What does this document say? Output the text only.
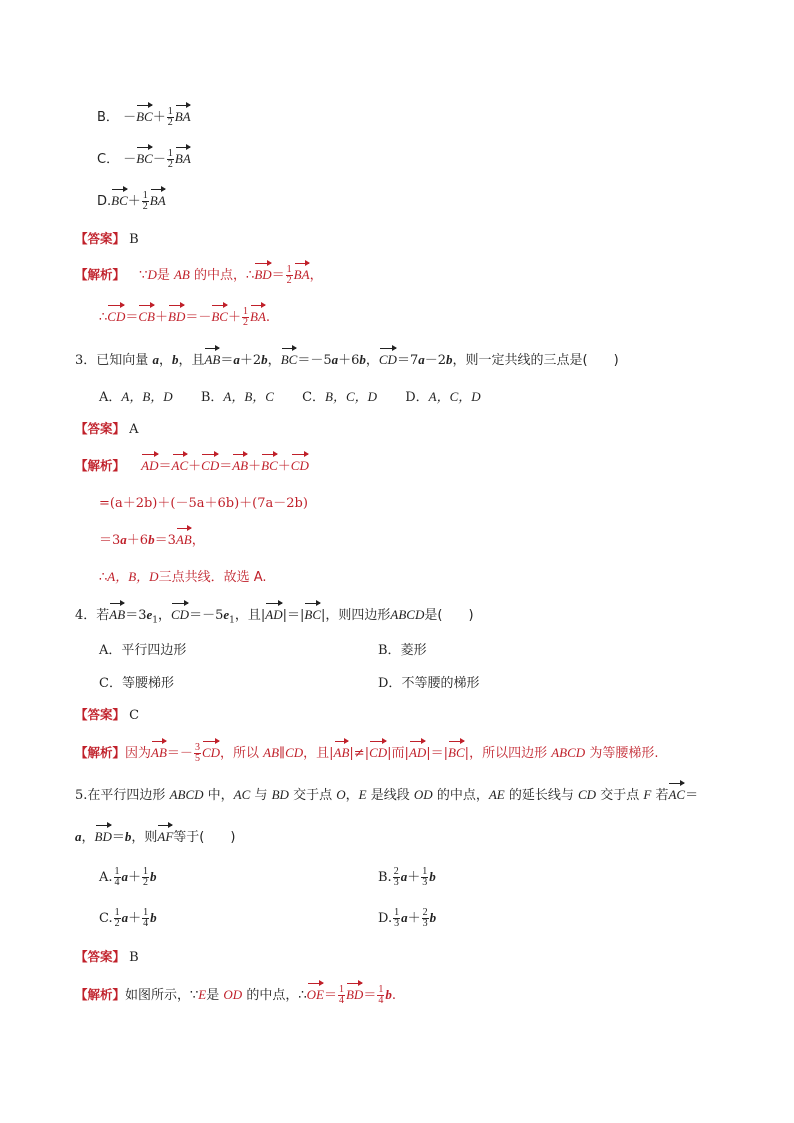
B． $-BC+ \frac{1}{2}$ BA
C． $-BC- \frac{1}{2}$ BA
$D.BC+ \frac{1}{2}$ BA
【答案】 B
【解析】 ∵D是 AB 的中点，∴BD＝ $\frac{1}{2}$ BA，
∴CD＝CB＋BD＝－BC＋ $\frac{1}{2}$ BA.
3．已知向量 a，b，且AB＝a＋2b，BC＝－5a＋6b，CD＝7a－2b，则一定共线的三点是(　　)
A．A，B，D B．A，B，C C．B，C，D D．A，C，D
【答案】 A
【解析】 AD＝AC＋CD＝AB＋BC＋CD
=(a＋2b)＋(－5a＋6b)＋(7a－2b)
＝3a＋6b＝3AB，
∴A，B，D三点共线．故选 A.
4．若$AB=3e_1$，$CD=-5e_1$，且|AD|＝|BC|，则四边形ABCD是(　　)
A．平行四边形	B．菱形
C．等腰梯形	D．不等腰的梯形
【答案】 C
【解析】因为$AB=- \frac{3}{5}$ CD，所以 AB∥CD，且|AB|≠|CD|而|AD|＝|BC|，所以四边形 ABCD 为等腰梯形.
5.在平行四边形 ABCD 中，AC 与 BD 交于点 O，E 是线段 OD 的中点，AE 的延长线与 CD 交于点 F 若AC＝
a，BD＝b，则AF等于(　　)
A. $\frac{1}{4} a+ \frac{1}{2}$ b	B. $\frac{2}{3} a+ \frac{1}{3}$ b
C. $\frac{1}{2} a+ \frac{1}{4}$ b	D. $\frac{1}{3} a+ \frac{2}{3}$ b
【答案】 B
【解析】如图所示，∵E是 OD 的中点，∴OE＝ $\frac{1}{4} BD= \frac{1}{4} b$.
